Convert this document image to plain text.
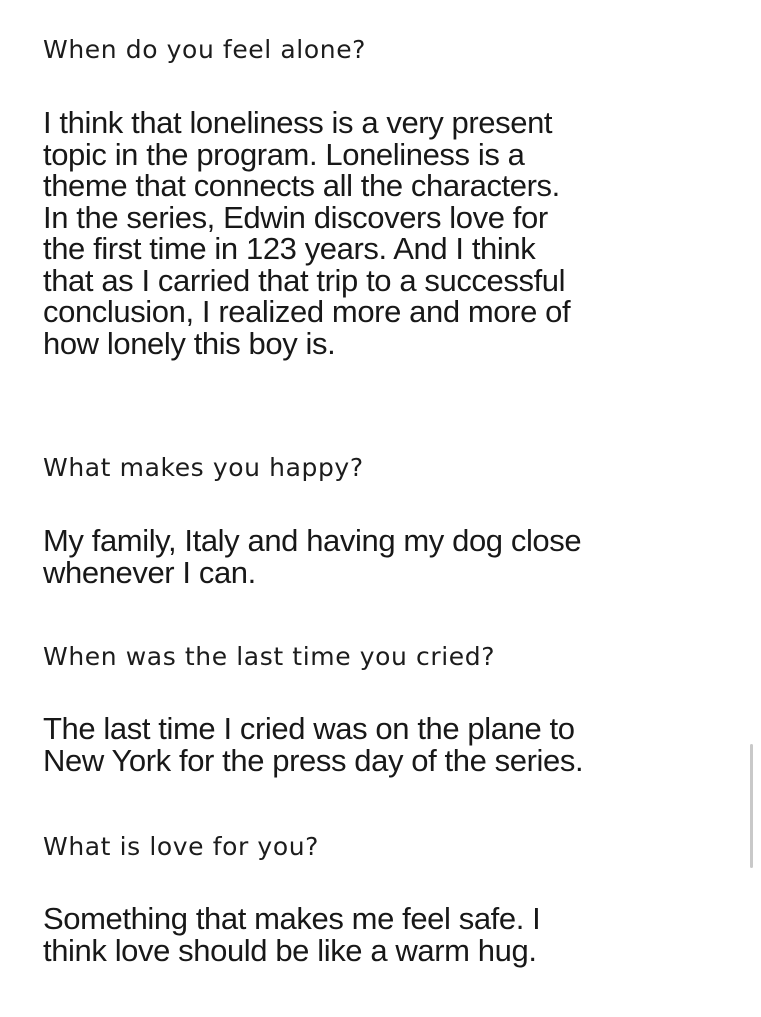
When do you feel alone?

I think that loneliness is a very present
topic in the program. Loneliness is a
theme that connects all the characters.
In the series, Edwin discovers love for
the first time in 123 years. And I think
that as I carried that trip to a successful
conclusion, I realized more and more of
how lonely this boy is.

What makes you happy?

My family, Italy and having my dog close
whenever I can.

When was the last time you cried?

The last time I cried was on the plane to
New York for the press day of the series.

What is love for you?

Something that makes me feel safe. I
think love should be like a warm hug.
